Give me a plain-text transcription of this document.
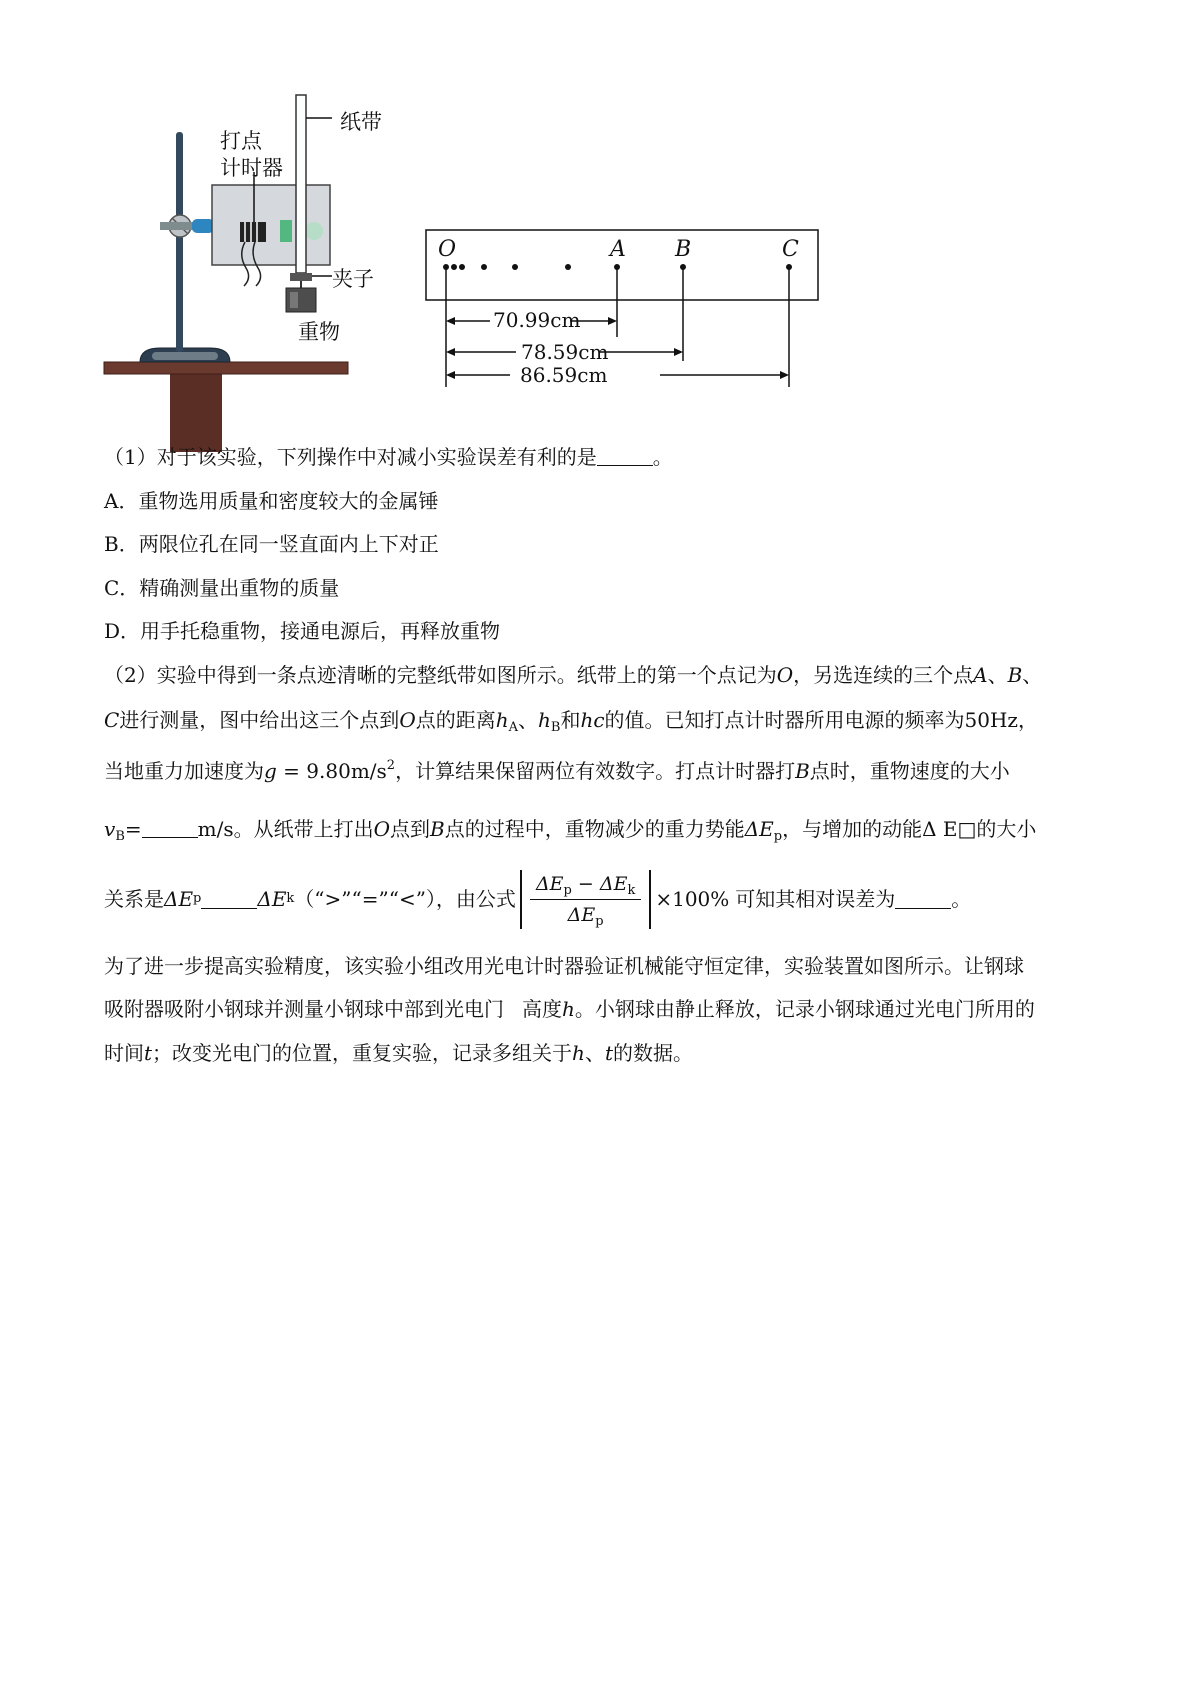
打点
计时器
纸带
夹子
重物
O	A B	C
70.99cm
78.59cm
86.59cm
（1）对于该实验，下列操作中对减小实验误差有利的是	。
A．重物选用质量和密度较大的金属锤
B．两限位孔在同一竖直面内上下对正
C．精确测量出重物的质量
D．用手托稳重物，接通电源后，再释放重物
（2）实验中得到一条点迹清晰的完整纸带如图所示。纸带上的第一个点记为O，另选连续的三个点A、B、
C进行测量，图中给出这三个点到O点的距离$h_A$、$h_B$和hc的值。已知打点计时器所用电源的频率为50Hz，
当地重力加速度为$g = 9.80m/s^2$，计算结果保留两位有效数字。打点计时器打B点时，重物速度的大小
$v_B=$	m/s。从纸带上打出O点到B点的过程中，重物减少的重力势能$\Delta E_p$，与增加的动能Δ E□的大小
关系是 ΔE p	ΔE k （“>”“=”“<”），由公式 $\frac{\Delta E_p - \Delta E_k}{\Delta E_p} \times 100\%$ 可知其相对误差为	。
为了进一步提高实验精度，该实验小组改用光电计时器验证机械能守恒定律，实验装置如图所示。让钢球
吸附器吸附小钢球并测量小钢球中部到光电门 高度h。小钢球由静止释放，记录小钢球通过光电门所用的
时间t；改变光电门的位置，重复实验，记录多组关于h、t的数据。
